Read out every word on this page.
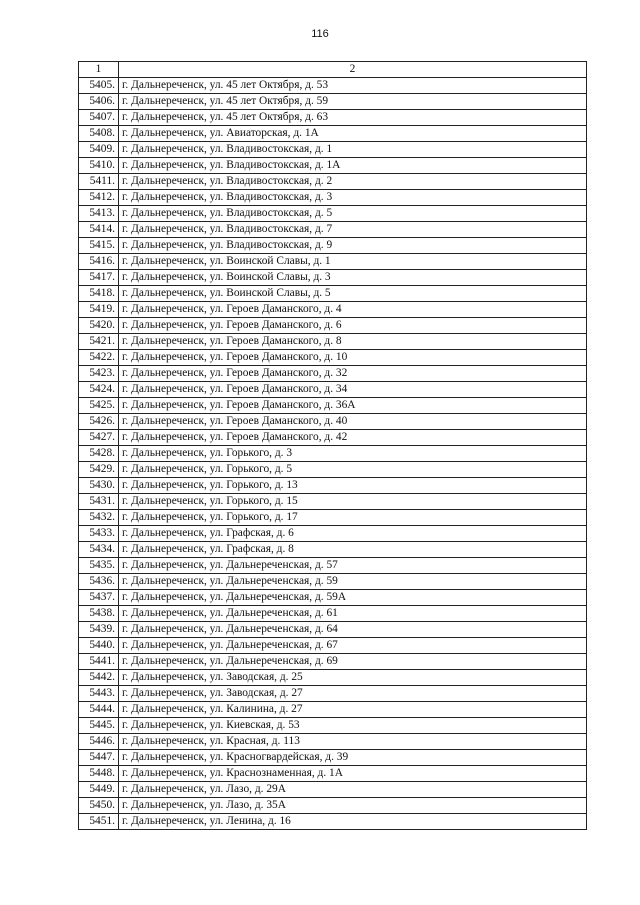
116
1	2
5405.	г. Дальнереченск, ул. 45 лет Октября, д. 53
5406.	г. Дальнереченск, ул. 45 лет Октября, д. 59
5407.	г. Дальнереченск, ул. 45 лет Октября, д. 63
5408.	г. Дальнереченск, ул. Авиаторская, д. 1А
5409.	г. Дальнереченск, ул. Владивостокская, д. 1
5410.	г. Дальнереченск, ул. Владивостокская, д. 1А
5411.	г. Дальнереченск, ул. Владивостокская, д. 2
5412.	г. Дальнереченск, ул. Владивостокская, д. 3
5413.	г. Дальнереченск, ул. Владивостокская, д. 5
5414.	г. Дальнереченск, ул. Владивостокская, д. 7
5415.	г. Дальнереченск, ул. Владивостокская, д. 9
5416.	г. Дальнереченск, ул. Воинской Славы, д. 1
5417.	г. Дальнереченск, ул. Воинской Славы, д. 3
5418.	г. Дальнереченск, ул. Воинской Славы, д. 5
5419.	г. Дальнереченск, ул. Героев Даманского, д. 4
5420.	г. Дальнереченск, ул. Героев Даманского, д. 6
5421.	г. Дальнереченск, ул. Героев Даманского, д. 8
5422.	г. Дальнереченск, ул. Героев Даманского, д. 10
5423.	г. Дальнереченск, ул. Героев Даманского, д. 32
5424.	г. Дальнереченск, ул. Героев Даманского, д. 34
5425.	г. Дальнереченск, ул. Героев Даманского, д. 36А
5426.	г. Дальнереченск, ул. Героев Даманского, д. 40
5427.	г. Дальнереченск, ул. Героев Даманского, д. 42
5428.	г. Дальнереченск, ул. Горького, д. 3
5429.	г. Дальнереченск, ул. Горького, д. 5
5430.	г. Дальнереченск, ул. Горького, д. 13
5431.	г. Дальнереченск, ул. Горького, д. 15
5432.	г. Дальнереченск, ул. Горького, д. 17
5433.	г. Дальнереченск, ул. Графская, д. 6
5434.	г. Дальнереченск, ул. Графская, д. 8
5435.	г. Дальнереченск, ул. Дальнереченская, д. 57
5436.	г. Дальнереченск, ул. Дальнереченская, д. 59
5437.	г. Дальнереченск, ул. Дальнереченская, д. 59А
5438.	г. Дальнереченск, ул. Дальнереченская, д. 61
5439.	г. Дальнереченск, ул. Дальнереченская, д. 64
5440.	г. Дальнереченск, ул. Дальнереченская, д. 67
5441.	г. Дальнереченск, ул. Дальнереченская, д. 69
5442.	г. Дальнереченск, ул. Заводская, д. 25
5443.	г. Дальнереченск, ул. Заводская, д. 27
5444.	г. Дальнереченск, ул. Калинина, д. 27
5445.	г. Дальнереченск, ул. Киевская, д. 53
5446.	г. Дальнереченск, ул. Красная, д. 113
5447.	г. Дальнереченск, ул. Красногвардейская, д. 39
5448.	г. Дальнереченск, ул. Краснознаменная, д. 1А
5449.	г. Дальнереченск, ул. Лазо, д. 29А
5450.	г. Дальнереченск, ул. Лазо, д. 35А
5451.	г. Дальнереченск, ул. Ленина, д. 16
